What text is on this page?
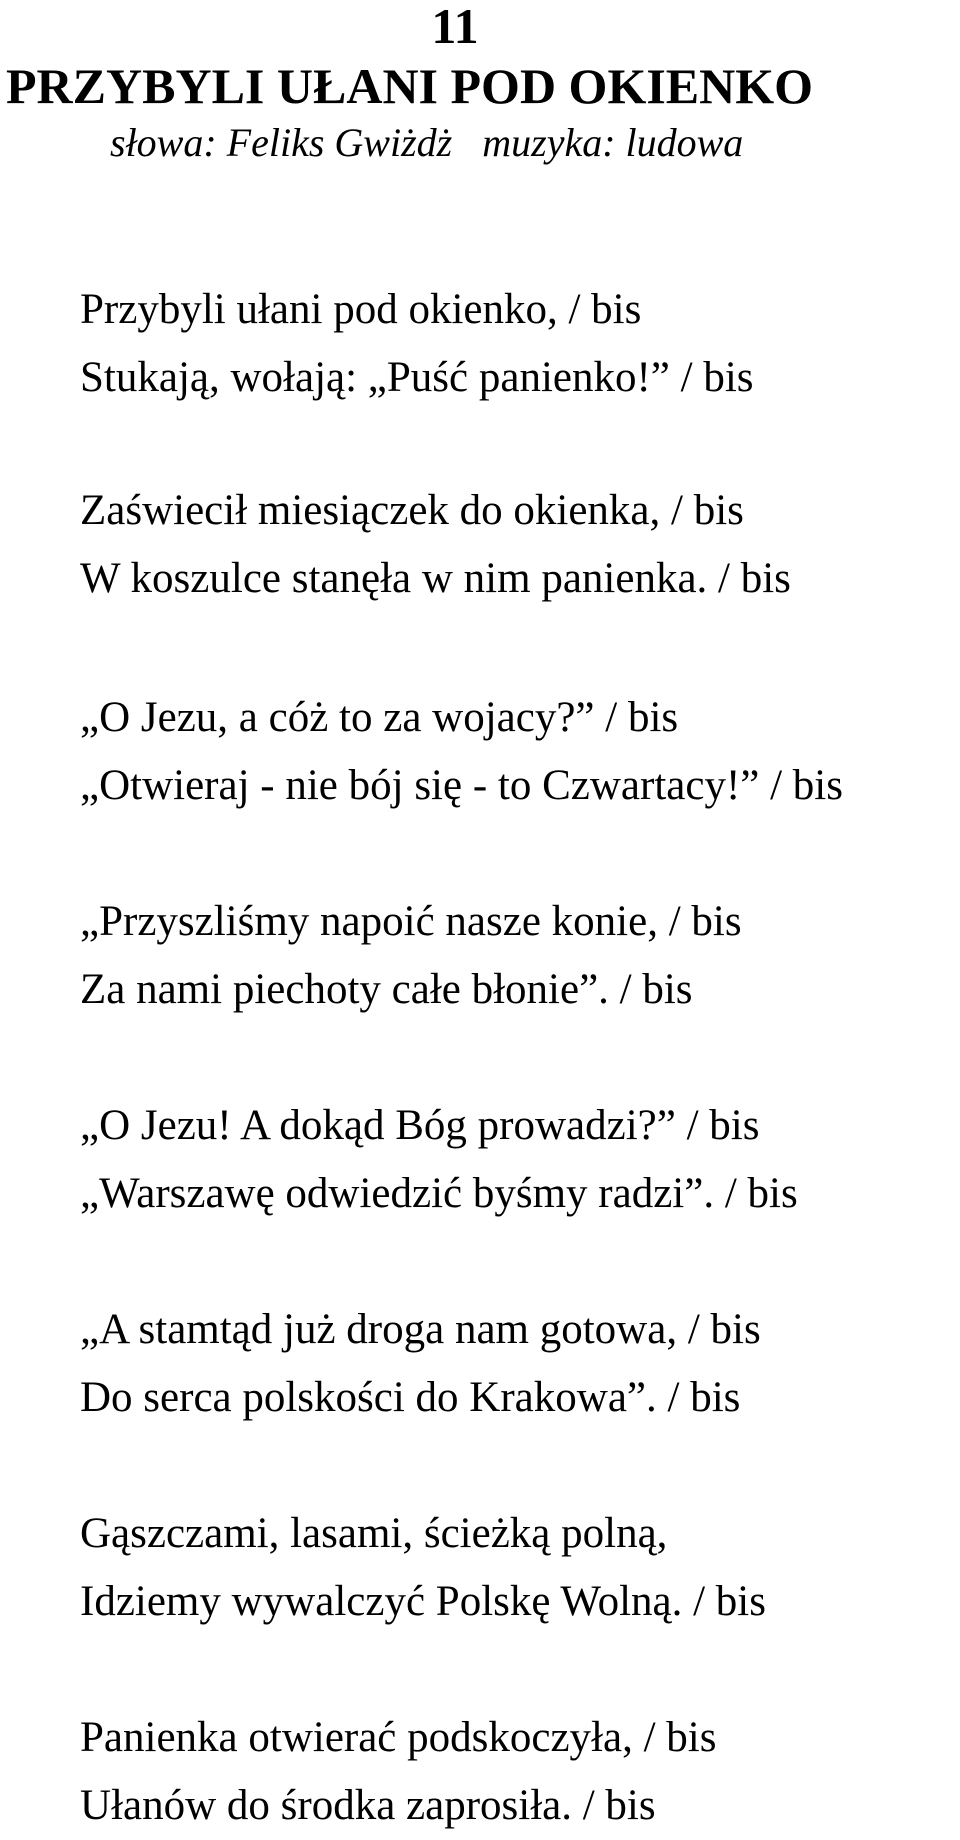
11
PRZYBYLI UŁANI POD OKIENKO
słowa: Feliks Gwiżdż muzyka: ludowa
Przybyli ułani pod okienko, / bis
Stukają, wołają: „Puść panienko!” / bis
Zaświecił miesiączek do okienka, / bis
W koszulce stanęła w nim panienka. / bis
„O Jezu, a cóż to za wojacy?” / bis
„Otwieraj - nie bój się - to Czwartacy!” / bis
„Przyszliśmy napoić nasze konie, / bis
Za nami piechoty całe błonie”. / bis
„O Jezu! A dokąd Bóg prowadzi?” / bis
„Warszawę odwiedzić byśmy radzi”. / bis
„A stamtąd już droga nam gotowa, / bis
Do serca polskości do Krakowa”. / bis
Gąszczami, lasami, ścieżką polną,
Idziemy wywalczyć Polskę Wolną. / bis
Panienka otwierać podskoczyła, / bis
Ułanów do środka zaprosiła. / bis
